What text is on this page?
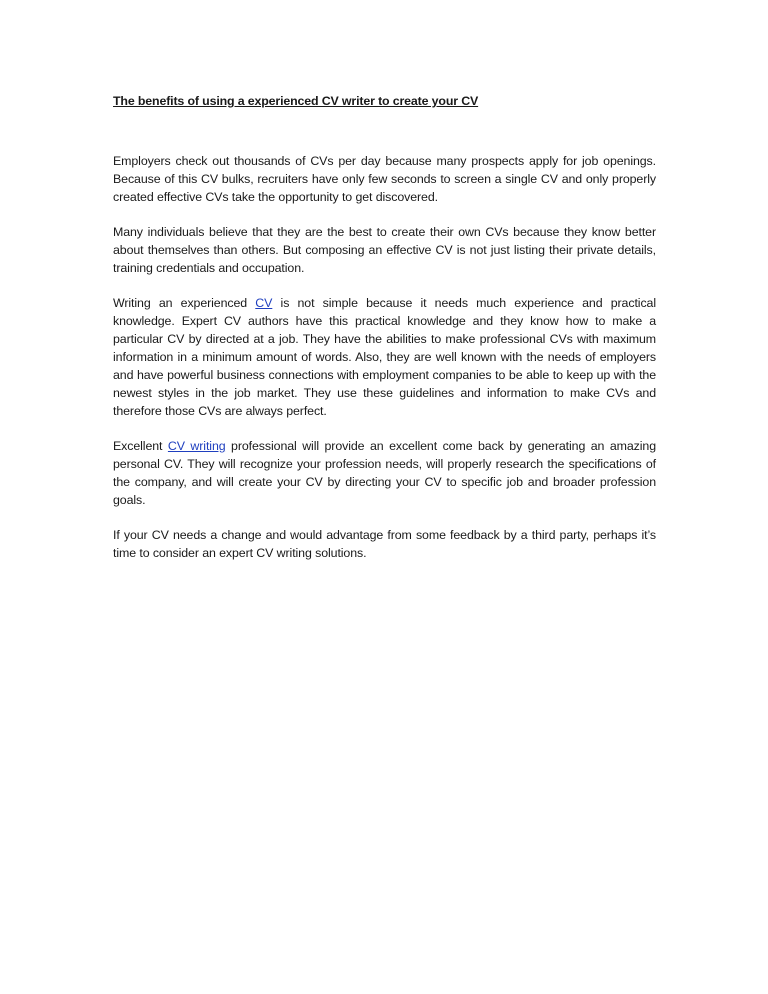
The benefits of using a experienced CV writer to create your CV

Employers check out thousands of CVs per day because many prospects apply for job openings. Because of this CV bulks, recruiters have only few seconds to screen a single CV and only properly created effective CVs take the opportunity to get discovered.

Many individuals believe that they are the best to create their own CVs because they know better about themselves than others. But composing an effective CV is not just listing their private details, training credentials and occupation.

Writing an experienced CV is not simple because it needs much experience and practical knowledge. Expert CV authors have this practical knowledge and they know how to make a particular CV by directed at a job. They have the abilities to make professional CVs with maximum information in a minimum amount of words. Also, they are well known with the needs of employers and have powerful business connections with employment companies to be able to keep up with the newest styles in the job market. They use these guidelines and information to make CVs and therefore those CVs are always perfect.

Excellent CV writing professional will provide an excellent come back by generating an amazing personal CV. They will recognize your profession needs, will properly research the specifications of the company, and will create your CV by directing your CV to specific job and broader profession goals.

If your CV needs a change and would advantage from some feedback by a third party, perhaps it’s time to consider an expert CV writing solutions.
